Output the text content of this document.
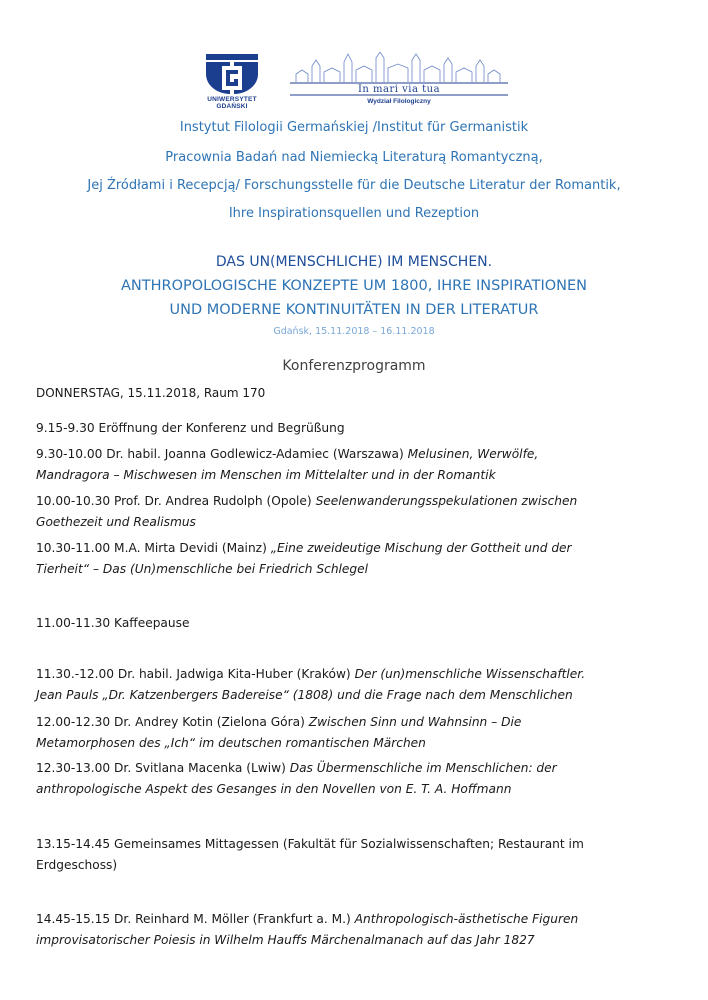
UNIWERSYTET GDAŃSKI
In mari via tua
Wydział Filologiczny
Instytut Filologii Germańskiej /Institut für Germanistik
Pracownia Badań nad Niemiecką Literaturą Romantyczną,
Jej Źródłami i Recepcją/ Forschungsstelle für die Deutsche Literatur der Romantik,
Ihre Inspirationsquellen und Rezeption
DAS UN(MENSCHLICHE) IM MENSCHEN.
ANTHROPOLOGISCHE KONZEPTE UM 1800, IHRE INSPIRATIONEN
UND MODERNE KONTINUITÄTEN IN DER LITERATUR
Gdańsk, 15.11.2018 – 16.11.2018
Konferenzprogramm
DONNERSTAG, 15.11.2018, Raum 170
9.15-9.30 Eröffnung der Konferenz und Begrüßung
9.30-10.00 Dr. habil. Joanna Godlewicz-Adamiec (Warszawa) Melusinen, Werwölfe,
Mandragora – Mischwesen im Menschen im Mittelalter und in der Romantik
10.00-10.30 Prof. Dr. Andrea Rudolph (Opole) Seelenwanderungsspekulationen zwischen
Goethezeit und Realismus
10.30-11.00 M.A. Mirta Devidi (Mainz) „Eine zweideutige Mischung der Gottheit und der
Tierheit“ – Das (Un)menschliche bei Friedrich Schlegel
11.00-11.30 Kaffeepause
11.30.-12.00 Dr. habil. Jadwiga Kita-Huber (Kraków) Der (un)menschliche Wissenschaftler.
Jean Pauls „Dr. Katzenbergers Badereise“ (1808) und die Frage nach dem Menschlichen
12.00-12.30 Dr. Andrey Kotin (Zielona Góra) Zwischen Sinn und Wahnsinn – Die
Metamorphosen des „Ich“ im deutschen romantischen Märchen
12.30-13.00 Dr. Svitlana Macenka (Lwiw) Das Übermenschliche im Menschlichen: der
anthropologische Aspekt des Gesanges in den Novellen von E. T. A. Hoffmann
13.15-14.45 Gemeinsames Mittagessen (Fakultät für Sozialwissenschaften; Restaurant im
Erdgeschoss)
14.45-15.15 Dr. Reinhard M. Möller (Frankfurt a. M.) Anthropologisch-ästhetische Figuren
improvisatorischer Poiesis in Wilhelm Hauffs Märchenalmanach auf das Jahr 1827
